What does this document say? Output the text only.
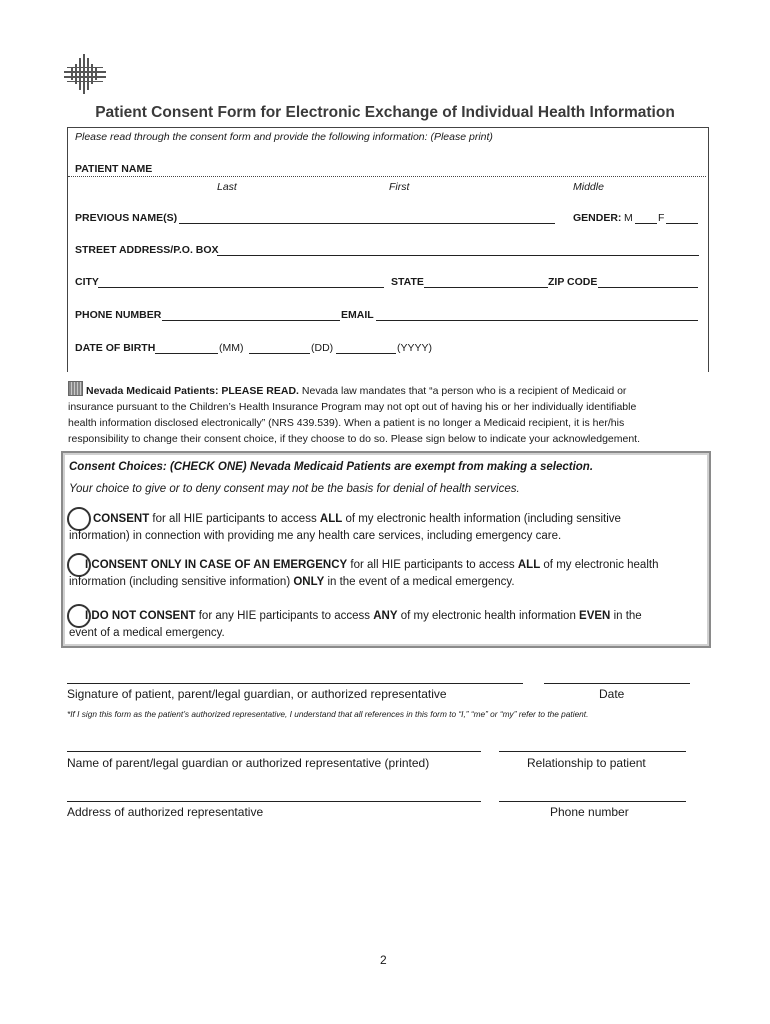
Patient Consent Form for Electronic Exchange of Individual Health Information
Please read through the consent form and provide the following information: (Please print)
PATIENT NAME
Last	First	Middle
PREVIOUS NAME(S)	GENDER: M F
STREET ADDRESS/P.O. BOX
CITY	STATE	ZIP CODE
PHONE NUMBER	EMAIL
DATE OF BIRTH	(MM)	(DD)	(YYYY)
Nevada Medicaid Patients: PLEASE READ. Nevada law mandates that “a person who is a recipient of Medicaid or
insurance pursuant to the Children’s Health Insurance Program may not opt out of having his or her individually identifiable
health information disclosed electronically” (NRS 439.539). When a patient is no longer a Medicaid recipient, it is her/his
responsibility to change their consent choice, if they choose to do so. Please sign below to indicate your acknowledgement.
Consent Choices: (CHECK ONE) Nevada Medicaid Patients are exempt from making a selection.
Your choice to give or to deny consent may not be the basis for denial of health services.
CONSENT for all HIE participants to access ALL of my electronic health information (including sensitive
information) in connection with providing me any health care services, including emergency care.
I CONSENT ONLY IN CASE OF AN EMERGENCY for all HIE participants to access ALL of my electronic health
information (including sensitive information) ONLY in the event of a medical emergency.
I DO NOT CONSENT for any HIE participants to access ANY of my electronic health information EVEN in the
event of a medical emergency.
Signature of patient, parent/legal guardian, or authorized representative	Date
*If I sign this form as the patient’s authorized representative, I understand that all references in this form to “I,” “me” or “my” refer to the patient.
Name of parent/legal guardian or authorized representative (printed)	Relationship to patient
Address of authorized representative	Phone number
2
